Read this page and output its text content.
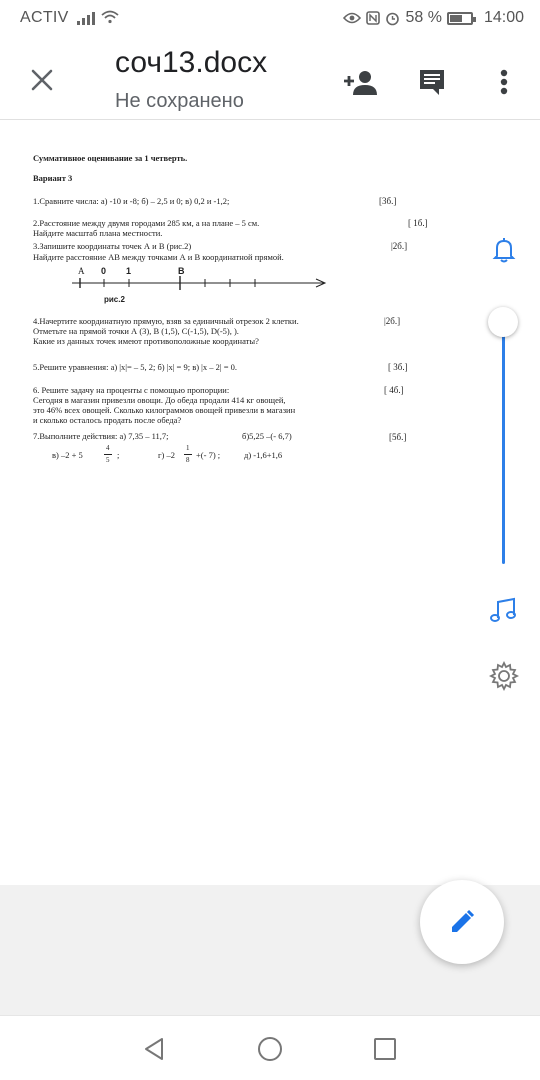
ACTIV	58 %	14:00
соч13.docx
Не сохранено
Суммативное оценивание за 1 четверть.
Вариант 3
1.Сравните числа: а) -10 и -8; б) – 2,5 и 0; в) 0,2 и -1,2;	[3б.]
2.Расстояние между двумя городами 285 км, а на плане – 5 см.
Найдите масштаб плана местности.
[ 1б.]
3.Запишите координаты точек А и В (рис.2)
Найдите расстояние АВ между точками А и В координатной прямой.
|2б.]
А 0 1	В
рис.2
4.Начертите координатную прямую, взяв за единичный отрезок 2 клетки.
Отметьте на прямой точки А (3), В (1,5), С(-1,5), D(-5), ).
Какие из данных точек имеют противоположные координаты?
|2б.]
5.Решите уравнения: а) |x|= – 5, 2; б) |x| = 9; в) |x – 2| = 0.	[ 3б.]
6. Решите задачу на проценты с помощью пропорции:
Сегодня в магазин привезли овощи. До обеда продали 414 кг овощей,
это 46% всех овощей. Сколько килограммов овощей привезли в магазин
и сколько осталось продать после обеда?
[ 4б.]
7.Выполните действия: а) 7,35 – 11,7;	б)5,25 –(- 6,7)	[5б.]
в) –2 + 5
4
5 ;	г) –2
1
8 +(- 7) ;	д) -1,6+1,6
